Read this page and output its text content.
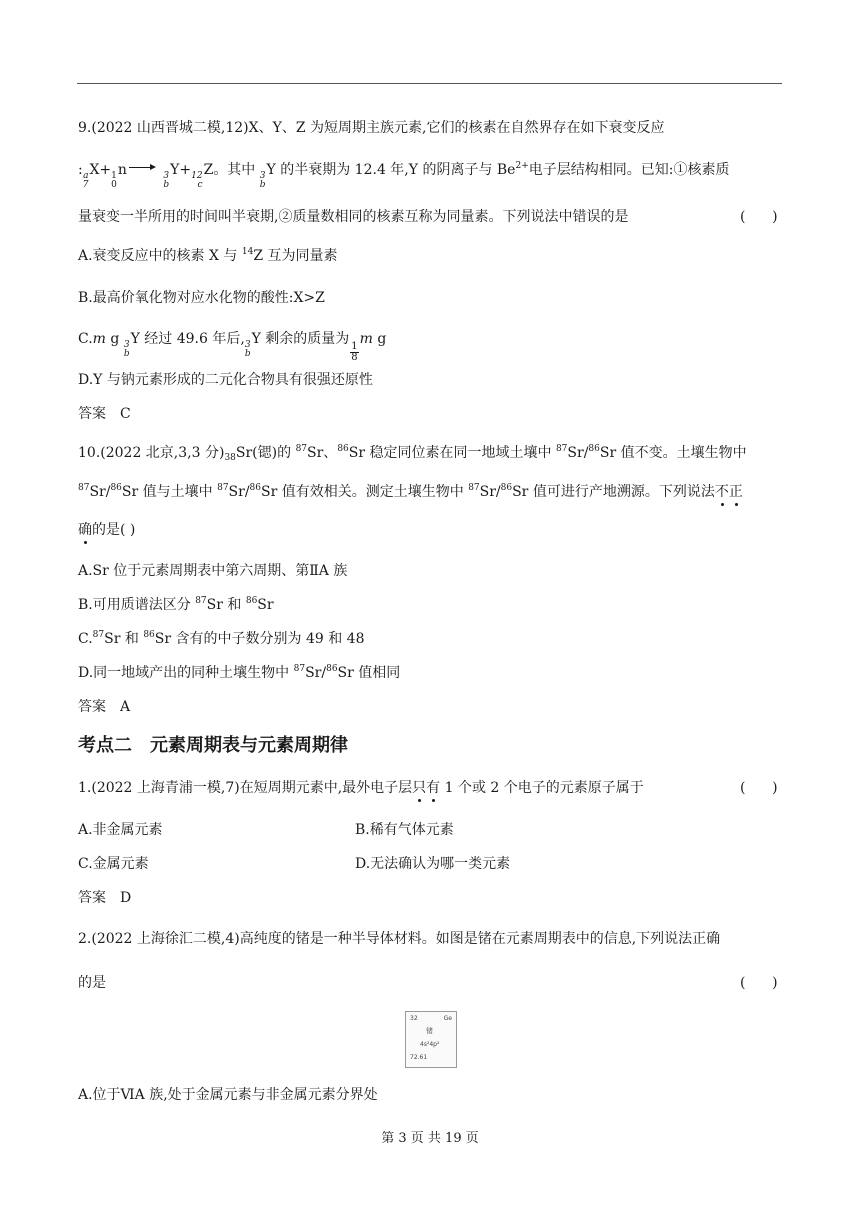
9.(2022 山西晋城二模,12)X、Y、Z 为短周期主族元素,它们的核素在自然界存在如下衰变反应
: a
7
X+ 1
0
n	3
b
Y+ 12
c
Z。其中 3
b
Y 的半衰期为 12.4 年,Y 的阴离子与 $Be^{2+}$电子层结构相同。已知:①核素质
量衰变一半所用的时间叫半衰期,②质量数相同的核素互称为同量素。下列说法中错误的是	(      )
A.衰变反应中的核素 X 与 $^{14}$Z 互为同量素
B.最高价氧化物对应水化物的酸性:X>Z
C.m g 3
b
Y 经过 49.6 年后, 3
b
Y 剩余的质量为
$\frac{1}{8}$
m g
D.Y 与钠元素形成的二元化合物具有很强还原性
答案　C
10.(2022 北京,3,3 分)$_{38}Sr$(锶)的 $^{87}$Sr、$^{86}$Sr 稳定同位素在同一地域土壤中 $^{87}$Sr/$^{86}$Sr 值不变。土壤生物中
$^{87}$Sr/$^{86}$Sr 值与土壤中 $^{87}$Sr/$^{86}$Sr 值有效相关。测定土壤生物中 $^{87}$Sr/$^{86}$Sr 值可进行产地溯源。下列说法不正
确的是( )
A.Sr 位于元素周期表中第六周期、第ⅡA 族
B.可用质谱法区分 $^{87}$Sr 和 $^{86}$Sr
C.$^{87}$Sr 和 $^{86}$Sr 含有的中子数分别为 49 和 48
D.同一地域产出的同种土壤生物中 $^{87}$Sr/$^{86}$Sr 值相同
答案　A
考点二　元素周期表与元素周期律
1.(2022 上海青浦一模,7)在短周期元素中,最外电子层只有 1 个或 2 个电子的元素原子属于	(      )
A.非金属元素	B.稀有气体元素
C.金属元素	D.无法确认为哪一类元素
答案　D
2.(2022 上海徐汇二模,4)高纯度的锗是一种半导体材料。如图是锗在元素周期表中的信息,下列说法正确
的是	(      )
32	Ge
锗
4s²4p²
72.61
A.位于ⅥA 族,处于金属元素与非金属元素分界处
第 3 页 共 19 页
